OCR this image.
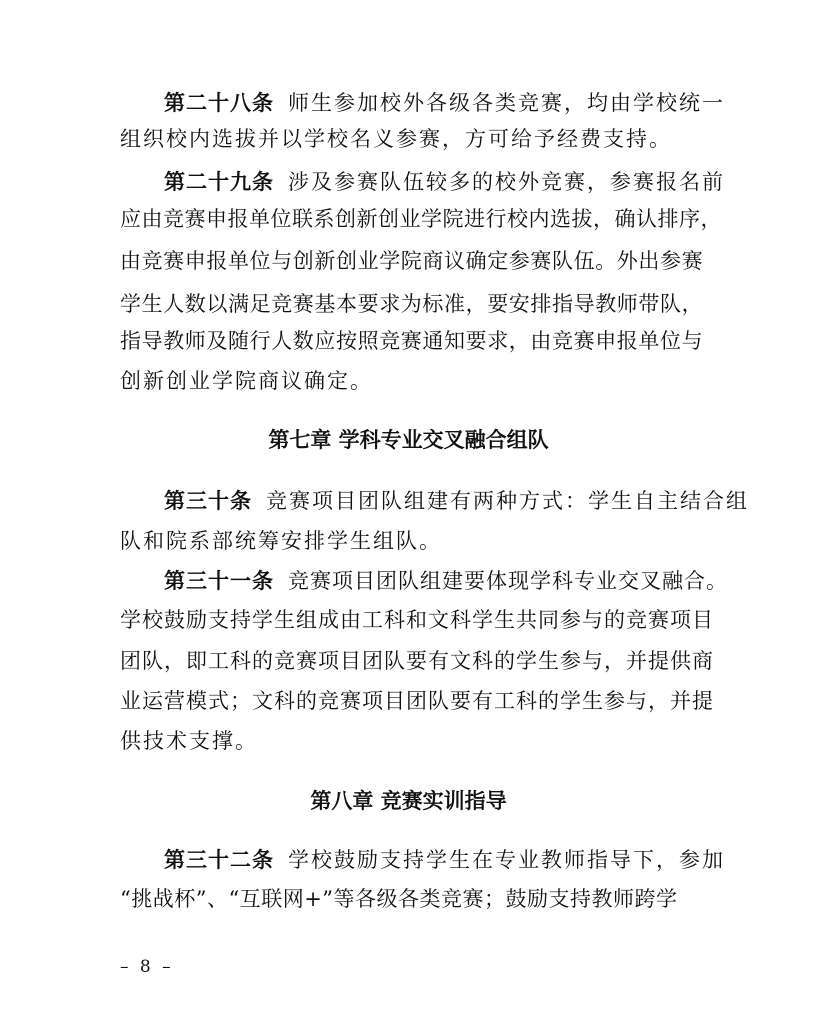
第二十八条 师生参加校外各级各类竞赛，均由学校统一
组织校内选拔并以学校名义参赛，方可给予经费支持。
第二十九条 涉及参赛队伍较多的校外竞赛，参赛报名前
应由竞赛申报单位联系创新创业学院进行校内选拔，确认排序，
由竞赛申报单位与创新创业学院商议确定参赛队伍。外出参赛
学生人数以满足竞赛基本要求为标准，要安排指导教师带队，
指导教师及随行人数应按照竞赛通知要求，由竞赛申报单位与
创新创业学院商议确定。
第七章 学科专业交叉融合组队
第三十条 竞赛项目团队组建有两种方式：学生自主结合组
队和院系部统筹安排学生组队。
第三十一条 竞赛项目团队组建要体现学科专业交叉融合。
学校鼓励支持学生组成由工科和文科学生共同参与的竞赛项目
团队，即工科的竞赛项目团队要有文科的学生参与，并提供商
业运营模式；文科的竞赛项目团队要有工科的学生参与，并提
供技术支撑。
第八章 竞赛实训指导
第三十二条 学校鼓励支持学生在专业教师指导下，参加
“挑战杯”、“互联网+”等各级各类竞赛；鼓励支持教师跨学
– 8 –
